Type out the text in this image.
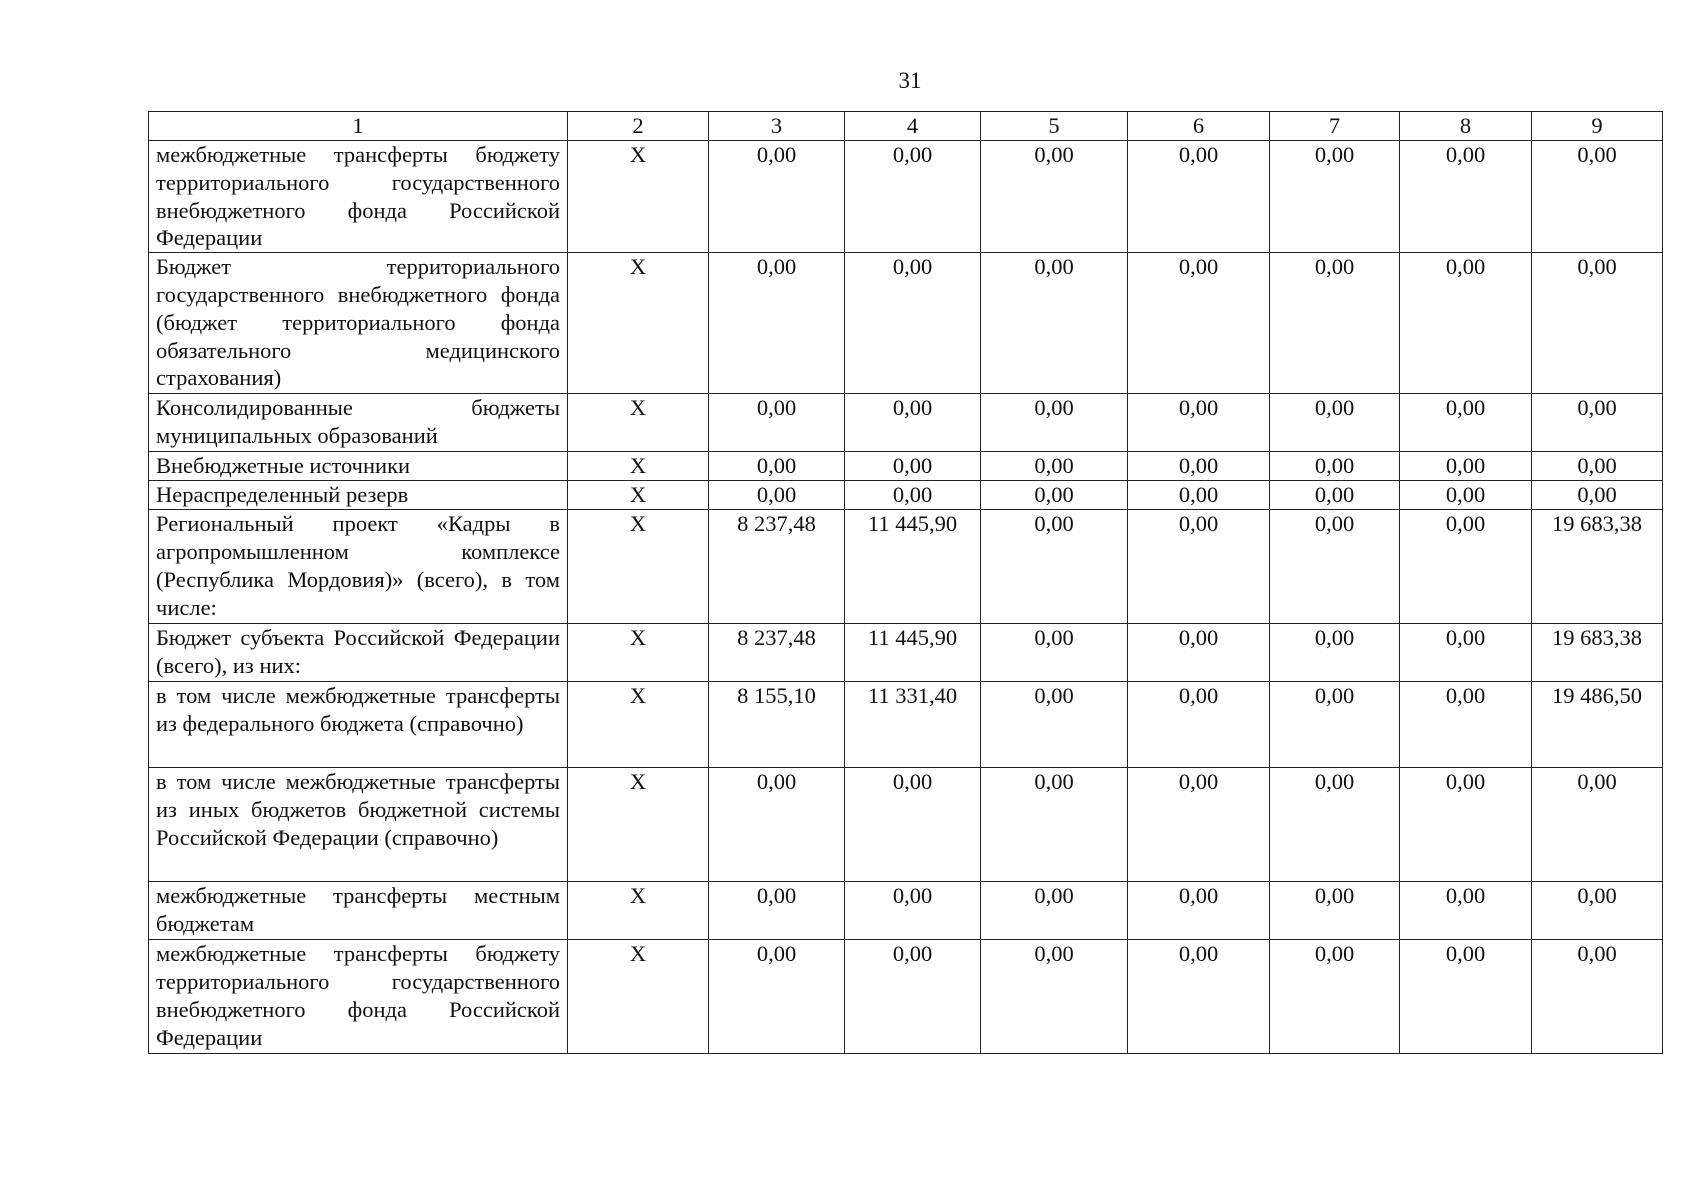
31
1	2	3	4	5	6	7	8	9
межбюджетные трансферты бюджету территориального государственного внебюджетного фонда Российской Федерации	X	0,00	0,00	0,00	0,00	0,00	0,00	0,00
Бюджет территориального государственного внебюджетного фонда (бюджет территориального фонда обязательного медицинского страхования)	X	0,00	0,00	0,00	0,00	0,00	0,00	0,00
Консолидированные бюджеты муниципальных образований	X	0,00	0,00	0,00	0,00	0,00	0,00	0,00
Внебюджетные источники	X	0,00	0,00	0,00	0,00	0,00	0,00	0,00
Нераспределенный резерв	X	0,00	0,00	0,00	0,00	0,00	0,00	0,00
Региональный проект «Кадры в агропромышленном комплексе (Республика Мордовия)» (всего), в том числе:	X	8 237,48	11 445,90	0,00	0,00	0,00	0,00	19 683,38
Бюджет субъекта Российской Федерации (всего), из них:	X	8 237,48	11 445,90	0,00	0,00	0,00	0,00	19 683,38
в том числе межбюджетные трансферты из федерального бюджета (справочно)	X	8 155,10	11 331,40	0,00	0,00	0,00	0,00	19 486,50
в том числе межбюджетные трансферты из иных бюджетов бюджетной системы Российской Федерации (справочно)	X	0,00	0,00	0,00	0,00	0,00	0,00	0,00
межбюджетные трансферты местным бюджетам	X	0,00	0,00	0,00	0,00	0,00	0,00	0,00
межбюджетные трансферты бюджету территориального государственного внебюджетного фонда Российской Федерации	X	0,00	0,00	0,00	0,00	0,00	0,00	0,00
